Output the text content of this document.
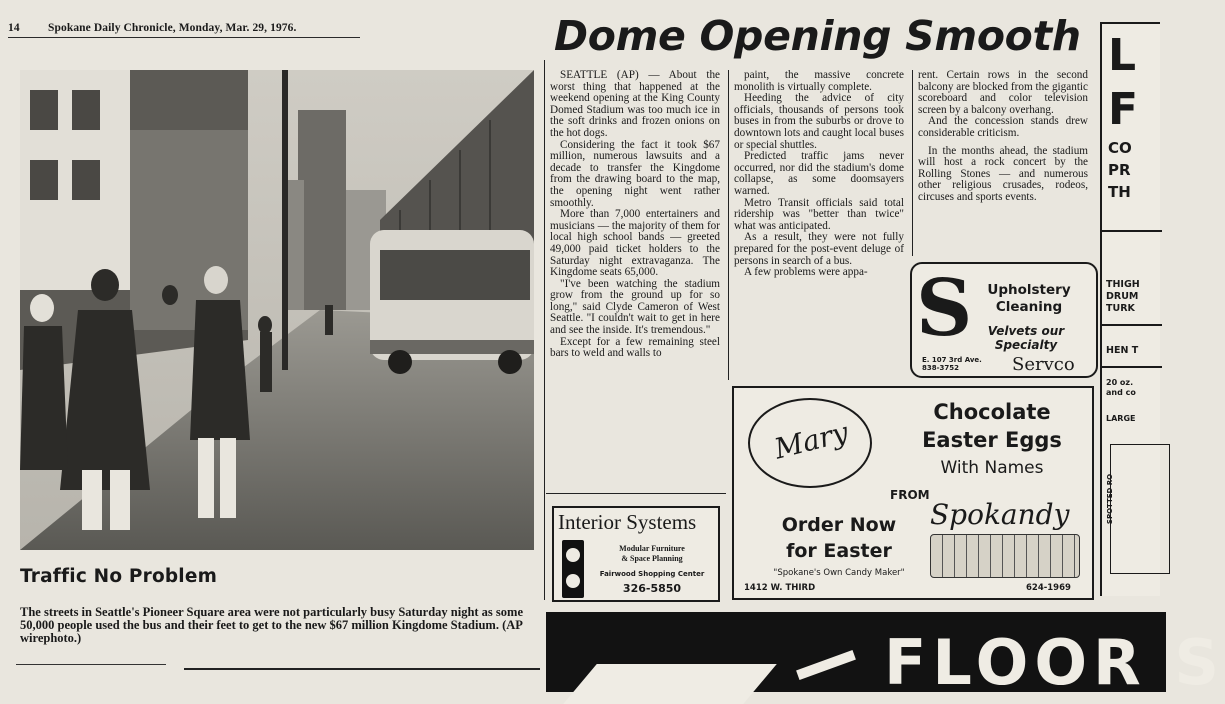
14 Spokane Daily Chronicle, Monday, Mar. 29, 1976.
Traffic No Problem
The streets in Seattle's Pioneer Square area were not particularly busy Saturday night as some 50,000 people used the bus and their feet to get to the new $67 million Kingdome Stadium. (AP wirephoto.)
Dome Opening Smooth

SEATTLE (AP) — About the worst thing that happened at the weekend opening at the King County Domed Stadium was too much ice in the soft drinks and frozen onions on the hot dogs.

Considering the fact it took $67 million, numerous lawsuits and a decade to transfer the Kingdome from the drawing board to the map, the opening night went rather smoothly.

More than 7,000 entertainers and musicians — the majority of them for local high school bands — greeted 49,000 paid ticket holders to the Saturday night extravaganza. The Kingdome seats 65,000.

"I've been watching the stadium grow from the ground up for so long," said Clyde Cameron of West Seattle. "I couldn't wait to get in here and see the inside. It's tremendous."

Except for a few remaining steel bars to weld and walls to

paint, the massive concrete monolith is virtually complete.

Heeding the advice of city officials, thousands of persons took buses in from the suburbs or drove to downtown lots and caught local buses or special shuttles.

Predicted traffic jams never occurred, nor did the stadium's dome collapse, as some doomsayers warned.

Metro Transit officials said total ridership was "better than twice" what was anticipated.

As a result, they were not fully prepared for the post-event deluge of persons in search of a bus.

A few problems were appa-

rent. Certain rows in the second balcony are blocked from the gigantic scoreboard and color television screen by a balcony overhang.

And the concession stands drew considerable criticism.

In the months ahead, the stadium will host a rock concert by the Rolling Stones — and numerous other religious crusades, rodeos, circuses and sports events.

S	Upholstery
Cleaning
Velvets our Specialty
E. 107 3rd Ave.
838-3752	Servco
Mary
Chocolate
Easter Eggs
With Names
FROM
Spokandy
Order Now
for Easter
"Spokane's Own Candy Maker"
1412 W. THIRD	624-1969
Interior Systems
Modular Furniture
& Space Planning
Fairwood Shopping Center
326-5850
L
F
CO
PR
TH
THIGH
DRUM
TURK
HEN T
20 oz.
and co
LARGE
SPOTTED RO
FLOOR S
